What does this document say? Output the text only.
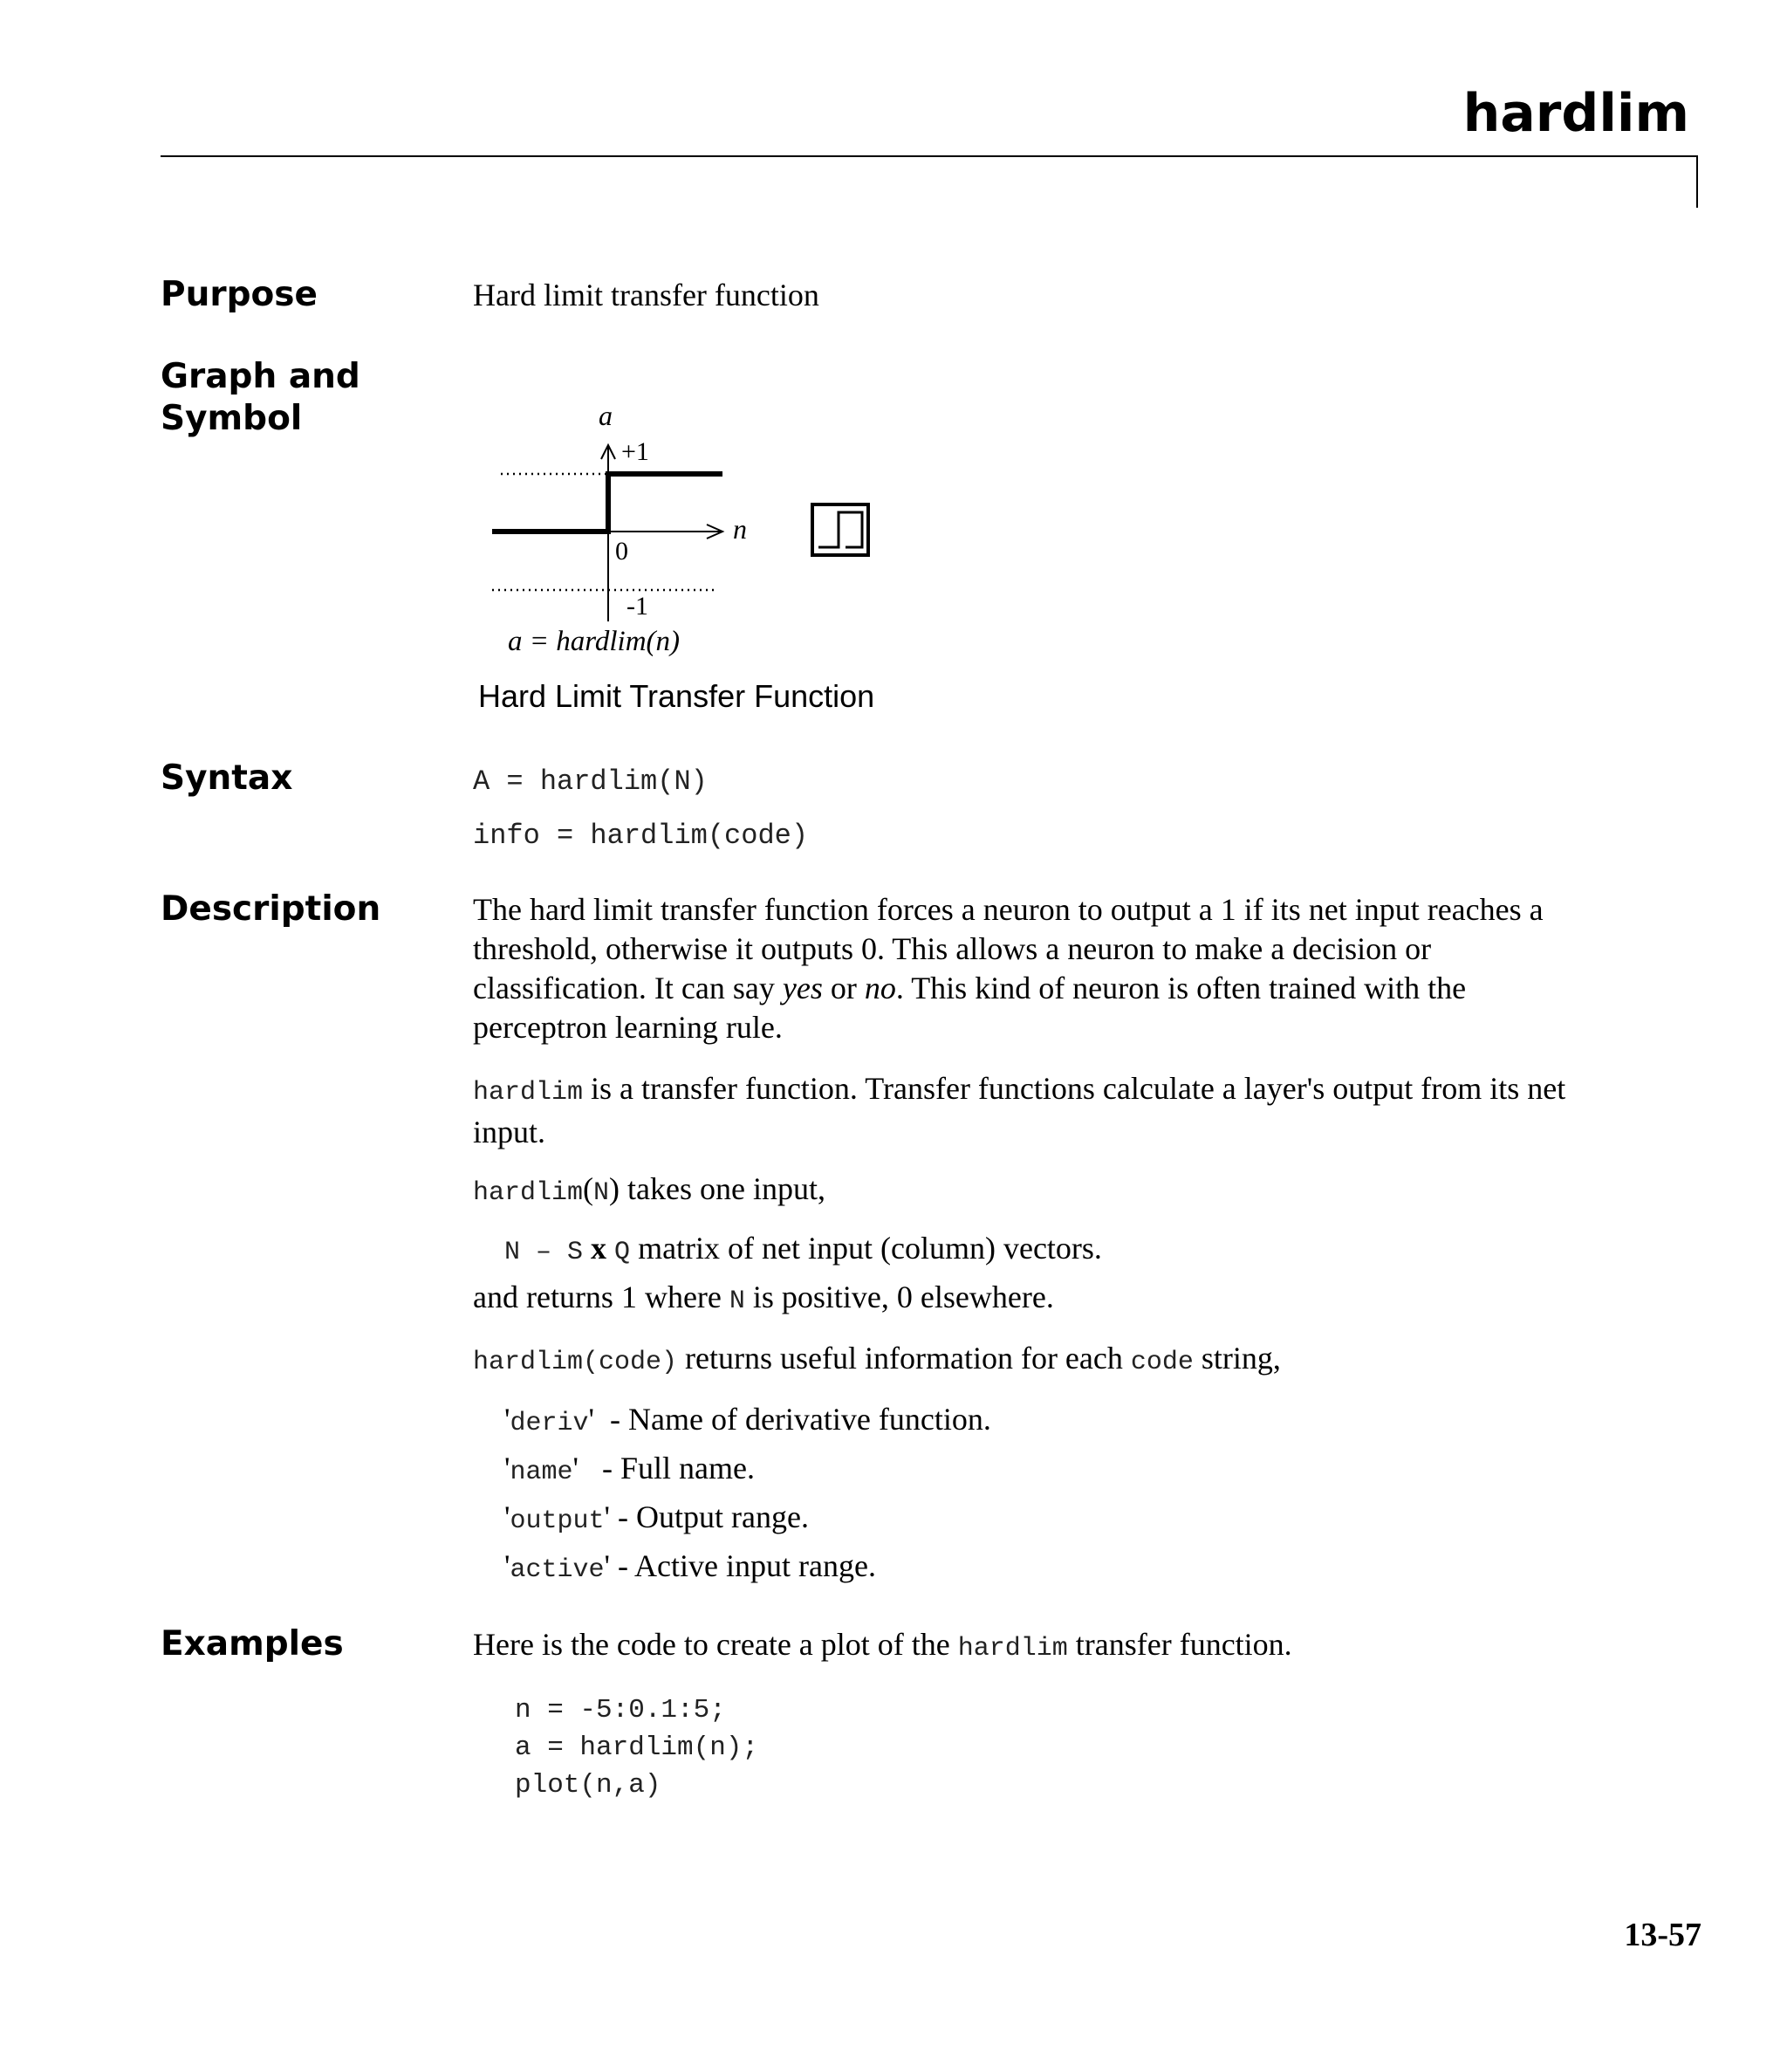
hardlim
Purpose	Hard limit transfer function
Graph and
Symbol	a
+1
0
-1
n
a = hardlim(n)
Hard Limit Transfer Function
Syntax	A = hardlim(N)
info = hardlim(code)
Description	The hard limit transfer function forces a neuron to output a 1 if its net input reaches a threshold, otherwise it outputs 0. This allows a neuron to make a decision or classification. It can say yes or no. This kind of neuron is often trained with the perceptron learning rule.

hardlim is a transfer function. Transfer functions calculate a layer's output from its net input.

hardlim(N) takes one input,

N – S x Q matrix of net input (column) vectors.
and returns 1 where N is positive, 0 elsewhere.
hardlim(code) returns useful information for each code string,
'deriv'  - Name of derivative function.
'name'   - Full name.
'output' - Output range.
'active' - Active input range.
Examples	Here is the code to create a plot of the hardlim transfer function.
n = -5:0.1:5;
a = hardlim(n);
plot(n,a)
13-57
